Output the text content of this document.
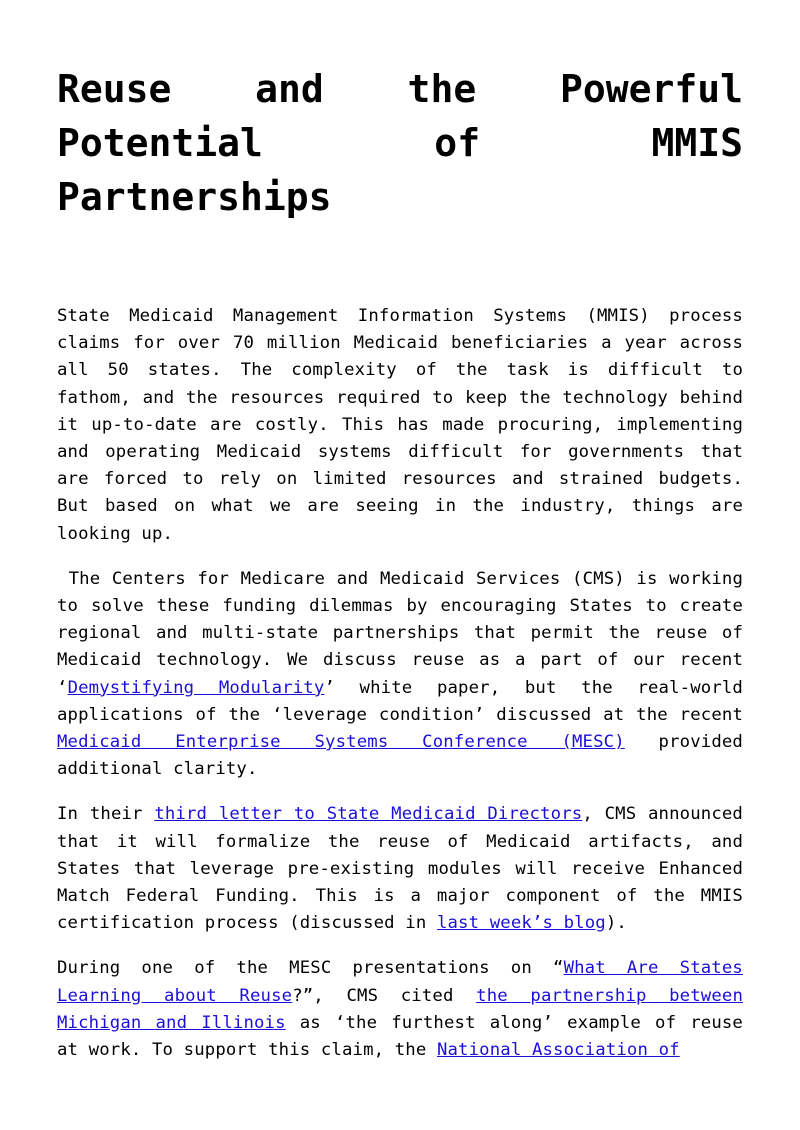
Reuse and the Powerful Potential of MMIS Partnerships

State Medicaid Management Information Systems (MMIS) process claims for over 70 million Medicaid beneficiaries a year across all 50 states. The complexity of the task is difficult to fathom, and the resources required to keep the technology behind it up-to-date are costly. This has made procuring, implementing and operating Medicaid systems difficult for governments that are forced to rely on limited resources and strained budgets. But based on what we are seeing in the industry, things are looking up.

The Centers for Medicare and Medicaid Services (CMS) is working to solve these funding dilemmas by encouraging States to create regional and multi-state partnerships that permit the reuse of Medicaid technology. We discuss reuse as a part of our recent ‘Demystifying Modularity’ white paper, but the real-world applications of the ‘leverage condition’ discussed at the recent Medicaid Enterprise Systems Conference (MESC) provided additional clarity.

In their third letter to State Medicaid Directors, CMS announced that it will formalize the reuse of Medicaid artifacts, and States that leverage pre-existing modules will receive Enhanced Match Federal Funding. This is a major component of the MMIS certification process (discussed in last week’s blog).

During one of the MESC presentations on “What Are States Learning about Reuse?”, CMS cited the partnership between Michigan and Illinois as ‘the furthest along’ example of reuse at work. To support this claim, the National Association of
